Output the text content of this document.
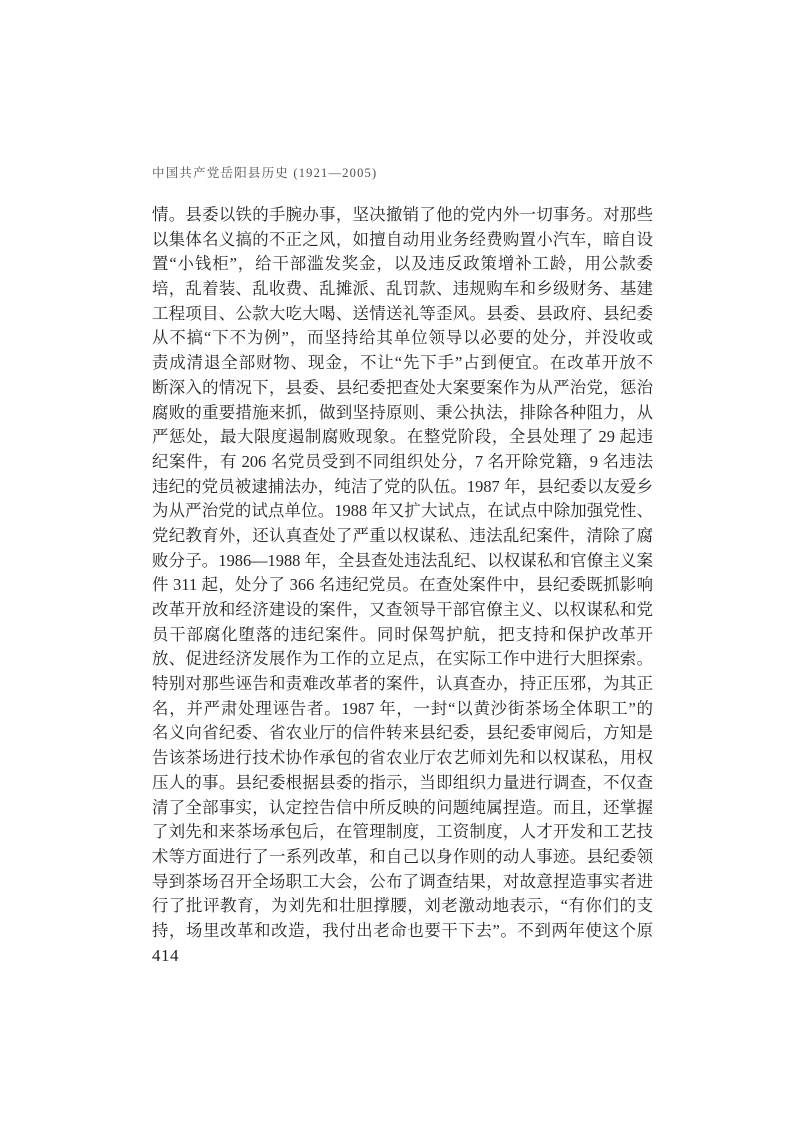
中国共产党岳阳县历史 (1921—2005)
情。县委以铁的手腕办事，坚决撤销了他的党内外一切事务。对那些
以集体名义搞的不正之风，如擅自动用业务经费购置小汽车，暗自设
置“小钱柜”，给干部滥发奖金，以及违反政策增补工龄，用公款委
培，乱着装、乱收费、乱摊派、乱罚款、违规购车和乡级财务、基建
工程项目、公款大吃大喝、送情送礼等歪风。县委、县政府、县纪委
从不搞“下不为例”，而坚持给其单位领导以必要的处分，并没收或
责成清退全部财物、现金，不让“先下手”占到便宜。在改革开放不
断深入的情况下，县委、县纪委把查处大案要案作为从严治党，惩治
腐败的重要措施来抓，做到坚持原则、秉公执法，排除各种阻力，从
严惩处，最大限度遏制腐败现象。在整党阶段，全县处理了 29 起违
纪案件，有 206 名党员受到不同组织处分，7 名开除党籍，9 名违法
违纪的党员被逮捕法办，纯洁了党的队伍。1987 年，县纪委以友爱乡
为从严治党的试点单位。1988 年又扩大试点，在试点中除加强党性、
党纪教育外，还认真查处了严重以权谋私、违法乱纪案件，清除了腐
败分子。1986—1988 年，全县查处违法乱纪、以权谋私和官僚主义案
件 311 起，处分了 366 名违纪党员。在查处案件中，县纪委既抓影响
改革开放和经济建设的案件，又查领导干部官僚主义、以权谋私和党
员干部腐化堕落的违纪案件。同时保驾护航，把支持和保护改革开
放、促进经济发展作为工作的立足点，在实际工作中进行大胆探索。
特别对那些诬告和责难改革者的案件，认真查办，持正压邪，为其正
名，并严肃处理诬告者。1987 年，一封“以黄沙街茶场全体职工”的
名义向省纪委、省农业厅的信件转来县纪委，县纪委审阅后，方知是
告该茶场进行技术协作承包的省农业厅农艺师刘先和以权谋私，用权
压人的事。县纪委根据县委的指示，当即组织力量进行调查，不仅查
清了全部事实，认定控告信中所反映的问题纯属捏造。而且，还掌握
了刘先和来茶场承包后，在管理制度，工资制度，人才开发和工艺技
术等方面进行了一系列改革，和自己以身作则的动人事迹。县纪委领
导到茶场召开全场职工大会，公布了调查结果，对故意捏造事实者进
行了批评教育，为刘先和壮胆撑腰，刘老激动地表示，“有你们的支
持，场里改革和改造，我付出老命也要干下去”。不到两年使这个原
414
